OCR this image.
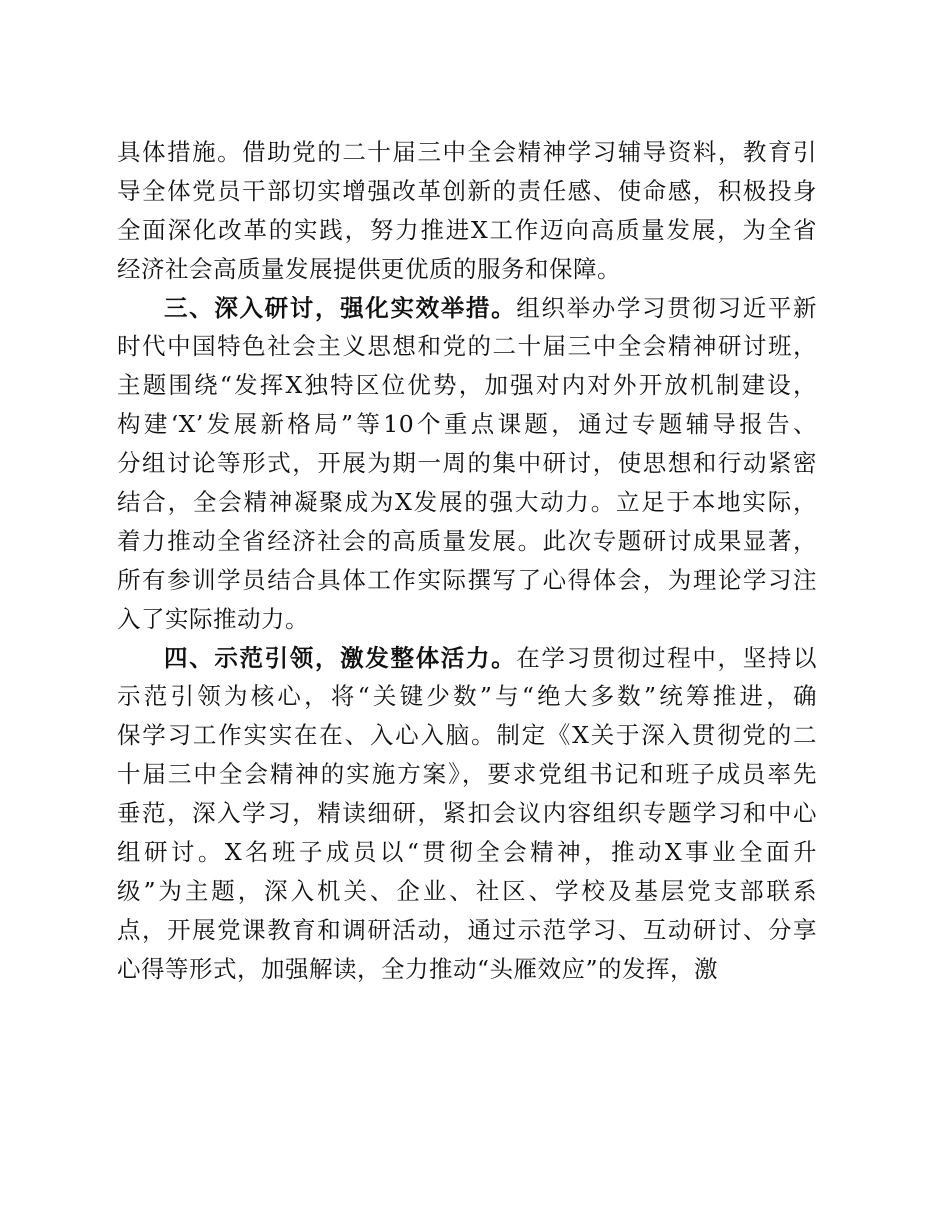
具体措施。借助党的二十届三中全会精神学习辅导资料，教育引
导全体党员干部切实增强改革创新的责任感、使命感，积极投身
全面深化改革的实践，努力推进X工作迈向高质量发展，为全省
经济社会高质量发展提供更优质的服务和保障。
三、深入研讨，强化实效举措。组织举办学习贯彻习近平新
时代中国特色社会主义思想和党的二十届三中全会精神研讨班，
主题围绕“发挥X独特区位优势，加强对内对外开放机制建设，
构建‘X’发展新格局”等10个重点课题，通过专题辅导报告、
分组讨论等形式，开展为期一周的集中研讨，使思想和行动紧密
结合，全会精神凝聚成为X发展的强大动力。立足于本地实际，
着力推动全省经济社会的高质量发展。此次专题研讨成果显著，
所有参训学员结合具体工作实际撰写了心得体会，为理论学习注
入了实际推动力。
四、示范引领，激发整体活力。在学习贯彻过程中，坚持以
示范引领为核心，将“关键少数”与“绝大多数”统筹推进，确
保学习工作实实在在、入心入脑。制定《X关于深入贯彻党的二
十届三中全会精神的实施方案》，要求党组书记和班子成员率先
垂范，深入学习，精读细研，紧扣会议内容组织专题学习和中心
组研讨。X名班子成员以“贯彻全会精神，推动X事业全面升
级”为主题，深入机关、企业、社区、学校及基层党支部联系
点，开展党课教育和调研活动，通过示范学习、互动研讨、分享
心得等形式，加强解读，全力推动“头雁效应”的发挥，激
